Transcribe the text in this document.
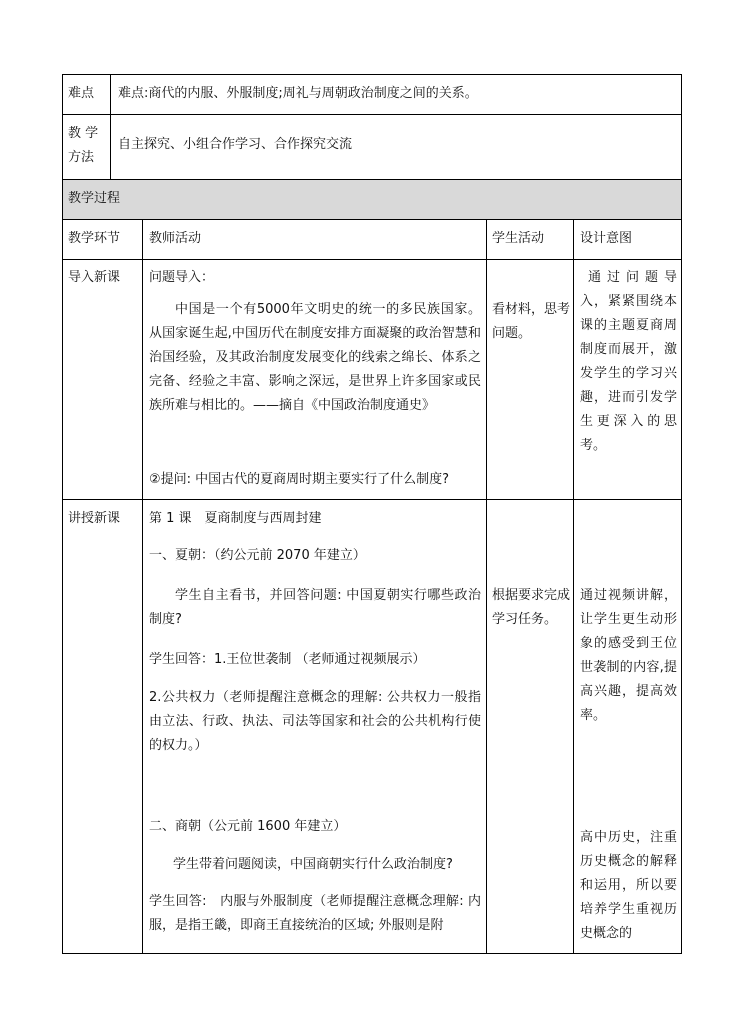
难点 难点:商代的内服、外服制度;周礼与周朝政治制度之间的关系。
教 学
方法
自主探究、小组合作学习、合作探究交流
教学过程
教学环节 教师活动	学生活动	设计意图
导入新课 问题导入：
中国是一个有5000年文明史的统一的多民族国家。从国家诞生起,中国历代在制度安排方面凝聚的政治智慧和治国经验，及其政治制度发展变化的线索之绵长、体系之完备、经验之丰富、影响之深远，是世界上许多国家或民族所难与相比的。——摘自《中国政治制度通史》
②提问: 中国古代的夏商周时期主要实行了什么制度?
看材料，思考问题。
通过问题导入，紧紧围绕本课的主题夏商周制度而展开，激发学生的学习兴趣，进而引发学生更深入的思考。
讲授新课 第 1 课　夏商制度与西周封建
一、夏朝：（约公元前 2070 年建立）
学生自主看书，并回答问题: 中国夏朝实行哪些政治制度?
学生回答：1.王位世袭制 （老师通过视频展示）
2.公共权力（老师提醒注意概念的理解: 公共权力一般指由立法、行政、执法、司法等国家和社会的公共机构行使的权力。）
二、商朝（公元前 1600 年建立）
学生带着问题阅读，中国商朝实行什么政治制度?
学生回答:　内服与外服制度（老师提醒注意概念理解: 内服，是指王畿，即商王直接统治的区域; 外服则是附
根据要求完成学习任务。
通过视频讲解，让学生更生动形象的感受到王位世袭制的内容,提高兴趣，提高效率。
高中历史，注重历史概念的解释和运用，所以要培养学生重视历史概念的
